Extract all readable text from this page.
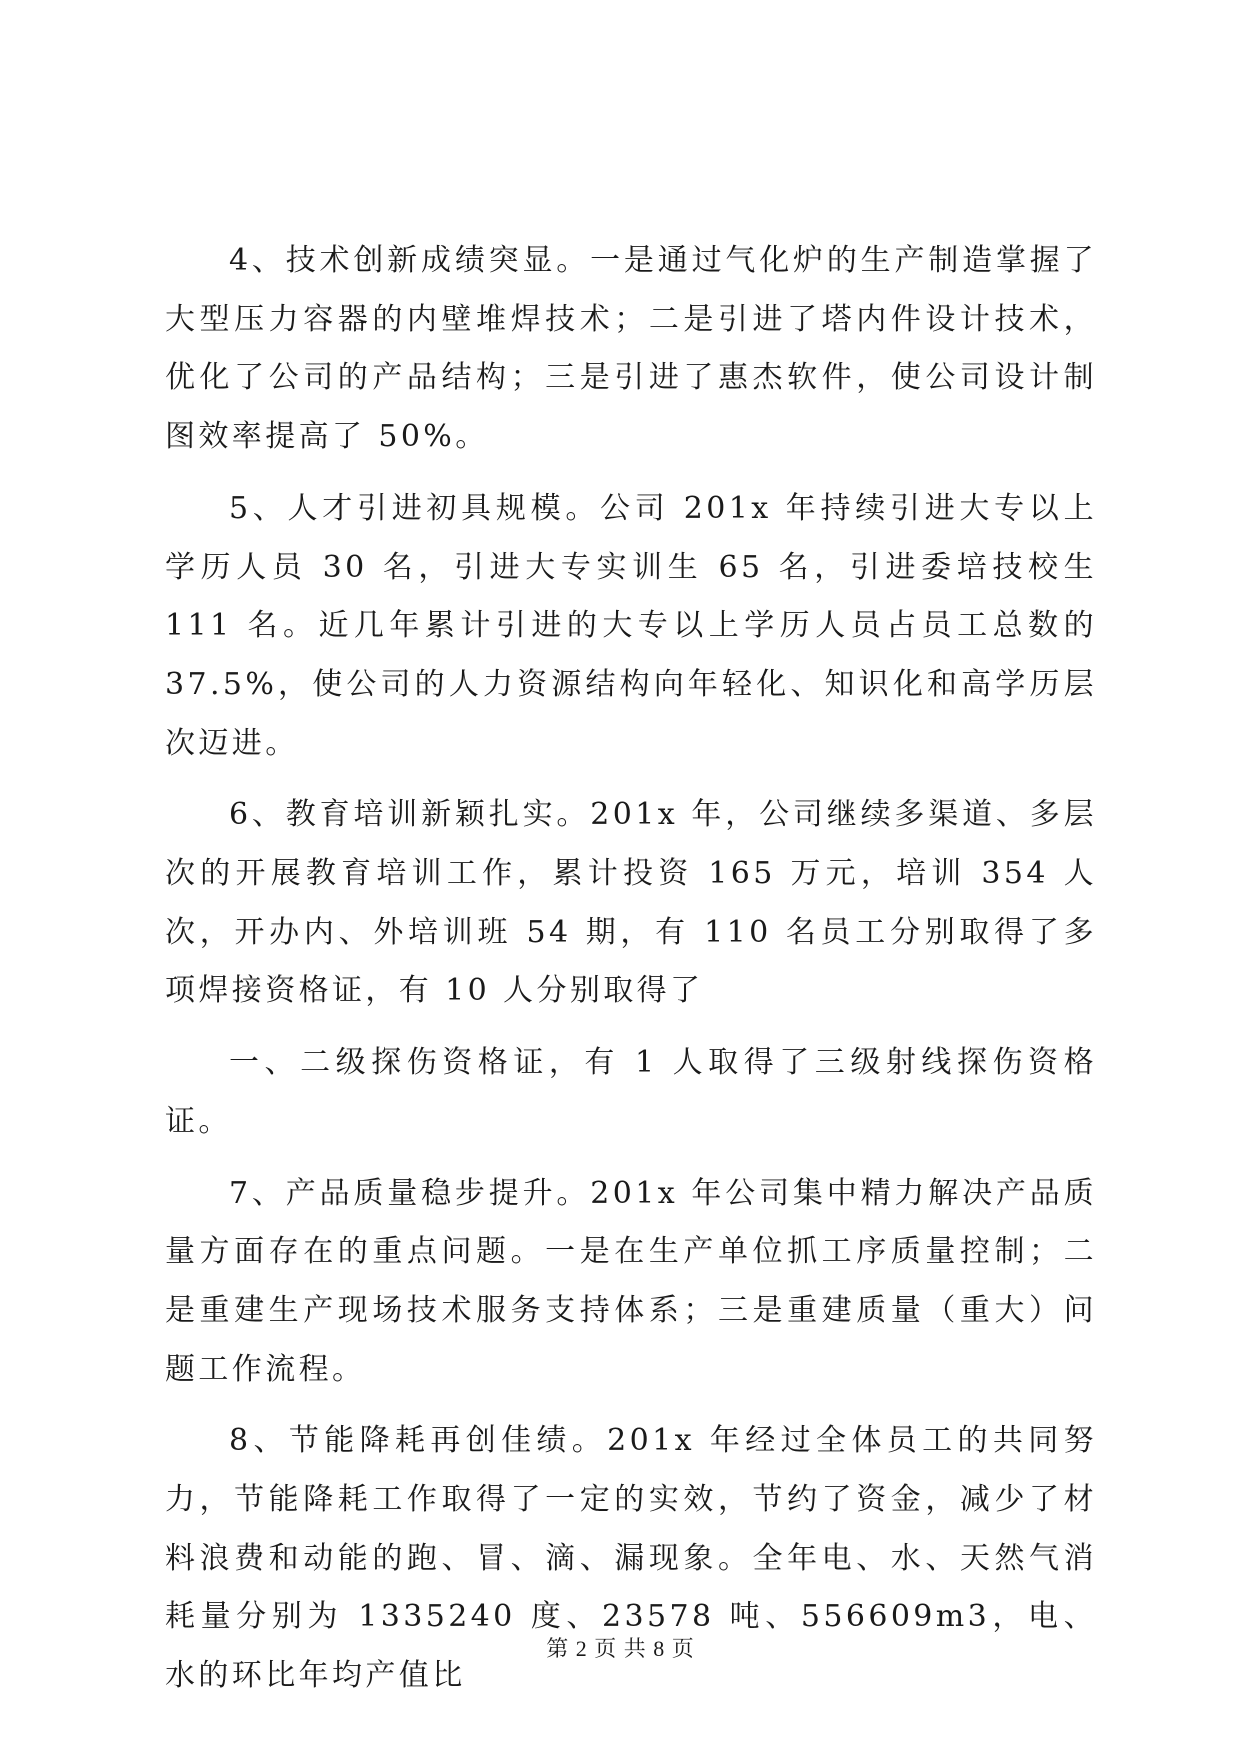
4、技术创新成绩突显。一是通过气化炉的生产制造掌握了大型压力容器的内壁堆焊技术；二是引进了塔内件设计技术，优化了公司的产品结构；三是引进了惠杰软件，使公司设计制图效率提高了 50%。

5、人才引进初具规模。公司 201x 年持续引进大专以上学历人员 30 名，引进大专实训生 65 名，引进委培技校生 111 名。近几年累计引进的大专以上学历人员占员工总数的 37.5%，使公司的人力资源结构向年轻化、知识化和高学历层次迈进。

6、教育培训新颖扎实。201x 年，公司继续多渠道、多层次的开展教育培训工作，累计投资 165 万元，培训 354 人次，开办内、外培训班 54 期，有 110 名员工分别取得了多项焊接资格证，有 10 人分别取得了

一、二级探伤资格证，有 1 人取得了三级射线探伤资格证。

7、产品质量稳步提升。201x 年公司集中精力解决产品质量方面存在的重点问题。一是在生产单位抓工序质量控制；二是重建生产现场技术服务支持体系；三是重建质量（重大）问题工作流程。

8、节能降耗再创佳绩。201x 年经过全体员工的共同努力，节能降耗工作取得了一定的实效，节约了资金，减少了材料浪费和动能的跑、冒、滴、漏现象。全年电、水、天然气消耗量分别为 1335240 度、23578 吨、556609m3，电、水的环比年均产值比

第 2 页 共 8 页
